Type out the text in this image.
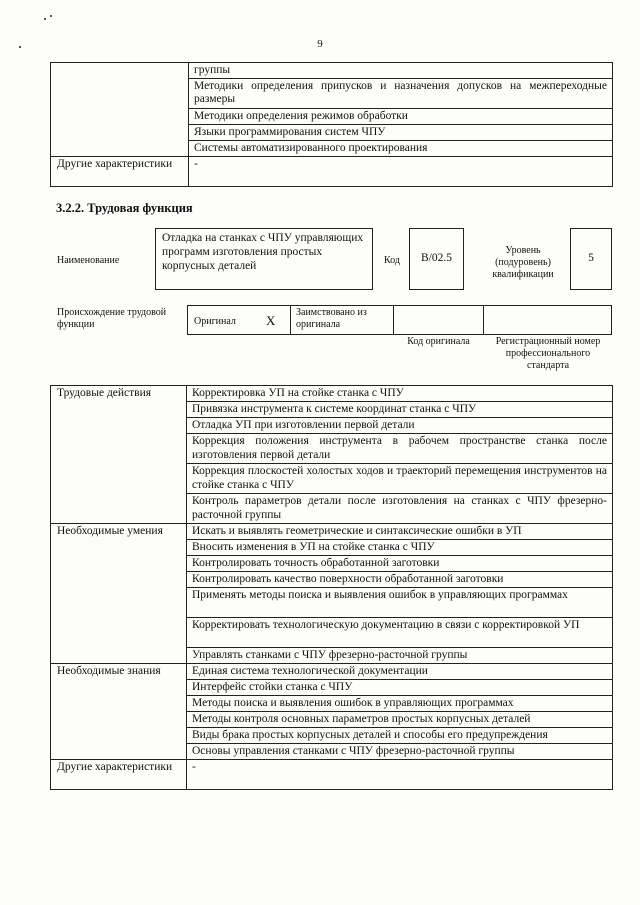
9
	группы
	Методики определения припусков и назначения допусков на межпереходные размеры
	Методики определения режимов обработки
	Языки программирования систем ЧПУ
	Системы автоматизированного проектирования
Другие характеристики	-
3.2.2. Трудовая функция
Наименование
Отладка на станках с ЧПУ управляющих программ изготовления простых корпусных деталей	Код B/02.5
Уровень (подуровень) квалификации
5
Происхождение трудовой функции	Оригинал X
Заимствовано из оригинала
Код оригинала	Регистрационный номер профессионального стандарта
Трудовые действия	Корректировка УП на стойке станка с ЧПУ
	Привязка инструмента к системе координат станка с ЧПУ
	Отладка УП при изготовлении первой детали
	Коррекция положения инструмента в рабочем пространстве станка после изготовления первой детали
	Коррекция плоскостей холостых ходов и траекторий перемещения инструментов на стойке станка с ЧПУ
	Контроль параметров детали после изготовления на станках с ЧПУ фрезерно-расточной группы
Необходимые умения	Искать и выявлять геометрические и синтаксические ошибки в УП
	Вносить изменения в УП на стойке станка с ЧПУ
	Контролировать точность обработанной заготовки
	Контролировать качество поверхности обработанной заготовки
	Применять методы поиска и выявления ошибок в управляющих программах
	Корректировать технологическую документацию в связи с корректировкой УП
	Управлять станками с ЧПУ фрезерно-расточной группы
Необходимые знания	Единая система технологической документации
	Интерфейс стойки станка с ЧПУ
	Методы поиска и выявления ошибок в управляющих программах
	Методы контроля основных параметров простых корпусных деталей
	Виды брака простых корпусных деталей и способы его предупреждения
	Основы управления станками с ЧПУ фрезерно-расточной группы
Другие характеристики	-
